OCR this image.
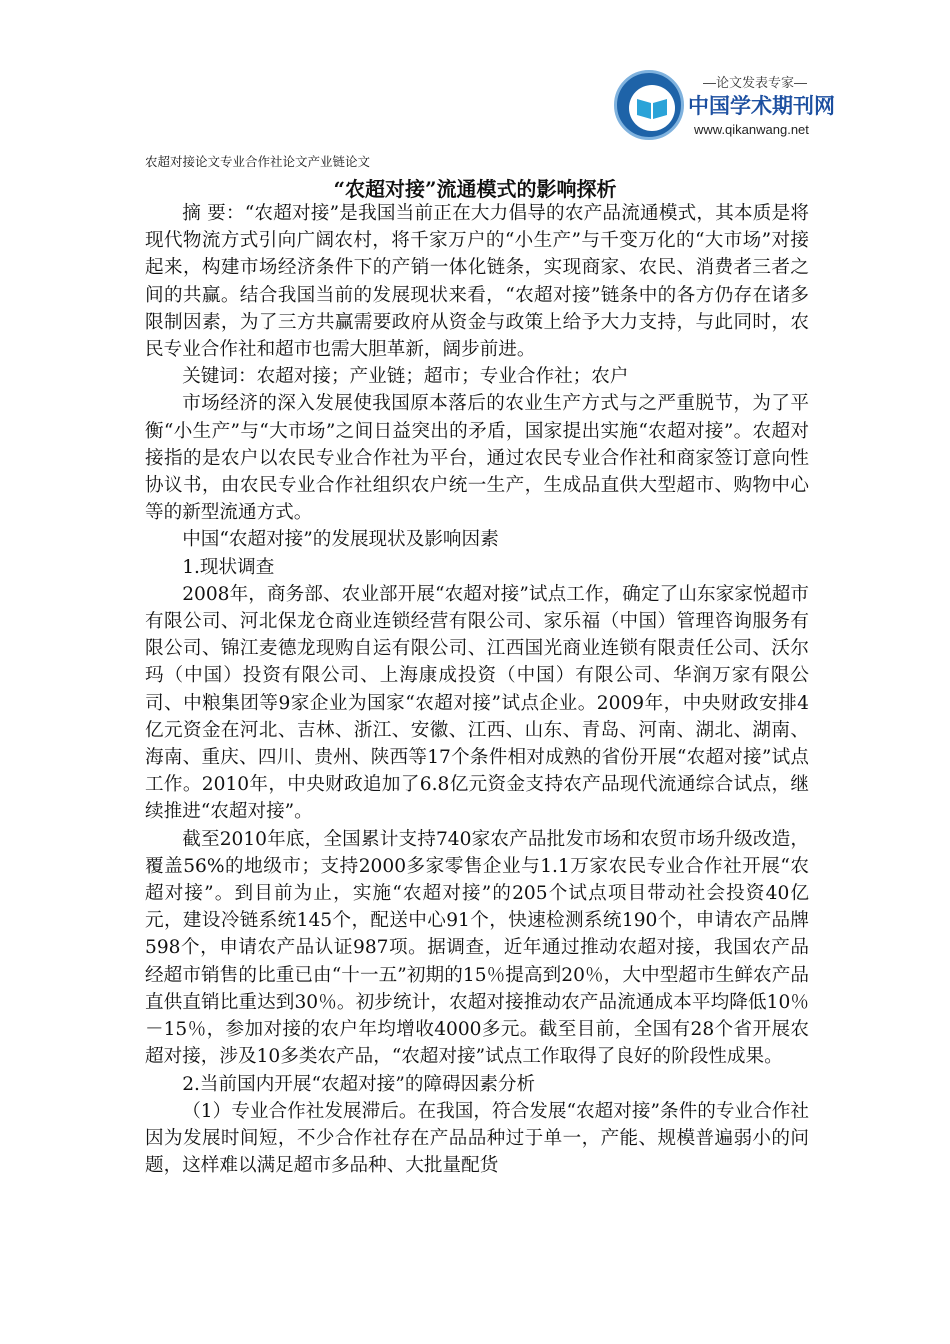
—论文发表专家—
中国学术期刊网
www.qikanwang.net
农超对接论文专业合作社论文产业链论文
“农超对接”流通模式的影响探析

摘 要：“农超对接”是我国当前正在大力倡导的农产品流通模式，其本质是将现代物流方式引向广阔农村，将千家万户的“小生产”与千变万化的“大市场”对接起来，构建市场经济条件下的产销一体化链条，实现商家、农民、消费者三者之间的共赢。结合我国当前的发展现状来看，“农超对接”链条中的各方仍存在诸多限制因素，为了三方共赢需要政府从资金与政策上给予大力支持，与此同时，农民专业合作社和超市也需大胆革新，阔步前进。

关键词：农超对接；产业链；超市；专业合作社；农户

市场经济的深入发展使我国原本落后的农业生产方式与之严重脱节，为了平衡“小生产”与“大市场”之间日益突出的矛盾，国家提出实施“农超对接”。农超对接指的是农户以农民专业合作社为平台，通过农民专业合作社和商家签订意向性协议书，由农民专业合作社组织农户统一生产，生成品直供大型超市、购物中心等的新型流通方式。

中国“农超对接”的发展现状及影响因素

1.现状调查

2008年，商务部、农业部开展“农超对接”试点工作，确定了山东家家悦超市有限公司、河北保龙仓商业连锁经营有限公司、家乐福（中国）管理咨询服务有限公司、锦江麦德龙现购自运有限公司、江西国光商业连锁有限责任公司、沃尔玛（中国）投资有限公司、上海康成投资（中国）有限公司、华润万家有限公司、中粮集团等9家企业为国家“农超对接”试点企业。2009年，中央财政安排4亿元资金在河北、吉林、浙江、安徽、江西、山东、青岛、河南、湖北、湖南、海南、重庆、四川、贵州、陕西等17个条件相对成熟的省份开展“农超对接”试点工作。2010年，中央财政追加了6.8亿元资金支持农产品现代流通综合试点，继续推进“农超对接”。

截至2010年底，全国累计支持740家农产品批发市场和农贸市场升级改造，覆盖56%的地级市；支持2000多家零售企业与1.1万家农民专业合作社开展“农超对接”。到目前为止，实施“农超对接”的205个试点项目带动社会投资40亿元，建设冷链系统145个，配送中心91个，快速检测系统190个，申请农产品牌598个，申请农产品认证987项。据调查，近年通过推动农超对接，我国农产品经超市销售的比重已由“十一五”初期的15％提高到20％，大中型超市生鲜农产品直供直销比重达到30％。初步统计，农超对接推动农产品流通成本平均降低10％－15％，参加对接的农户年均增收4000多元。截至目前，全国有28个省开展农超对接，涉及10多类农产品，“农超对接”试点工作取得了良好的阶段性成果。

2.当前国内开展“农超对接”的障碍因素分析

（1）专业合作社发展滞后。在我国，符合发展“农超对接”条件的专业合作社因为发展时间短，不少合作社存在产品品种过于单一，产能、规模普遍弱小的问题，这样难以满足超市多品种、大批量配货
